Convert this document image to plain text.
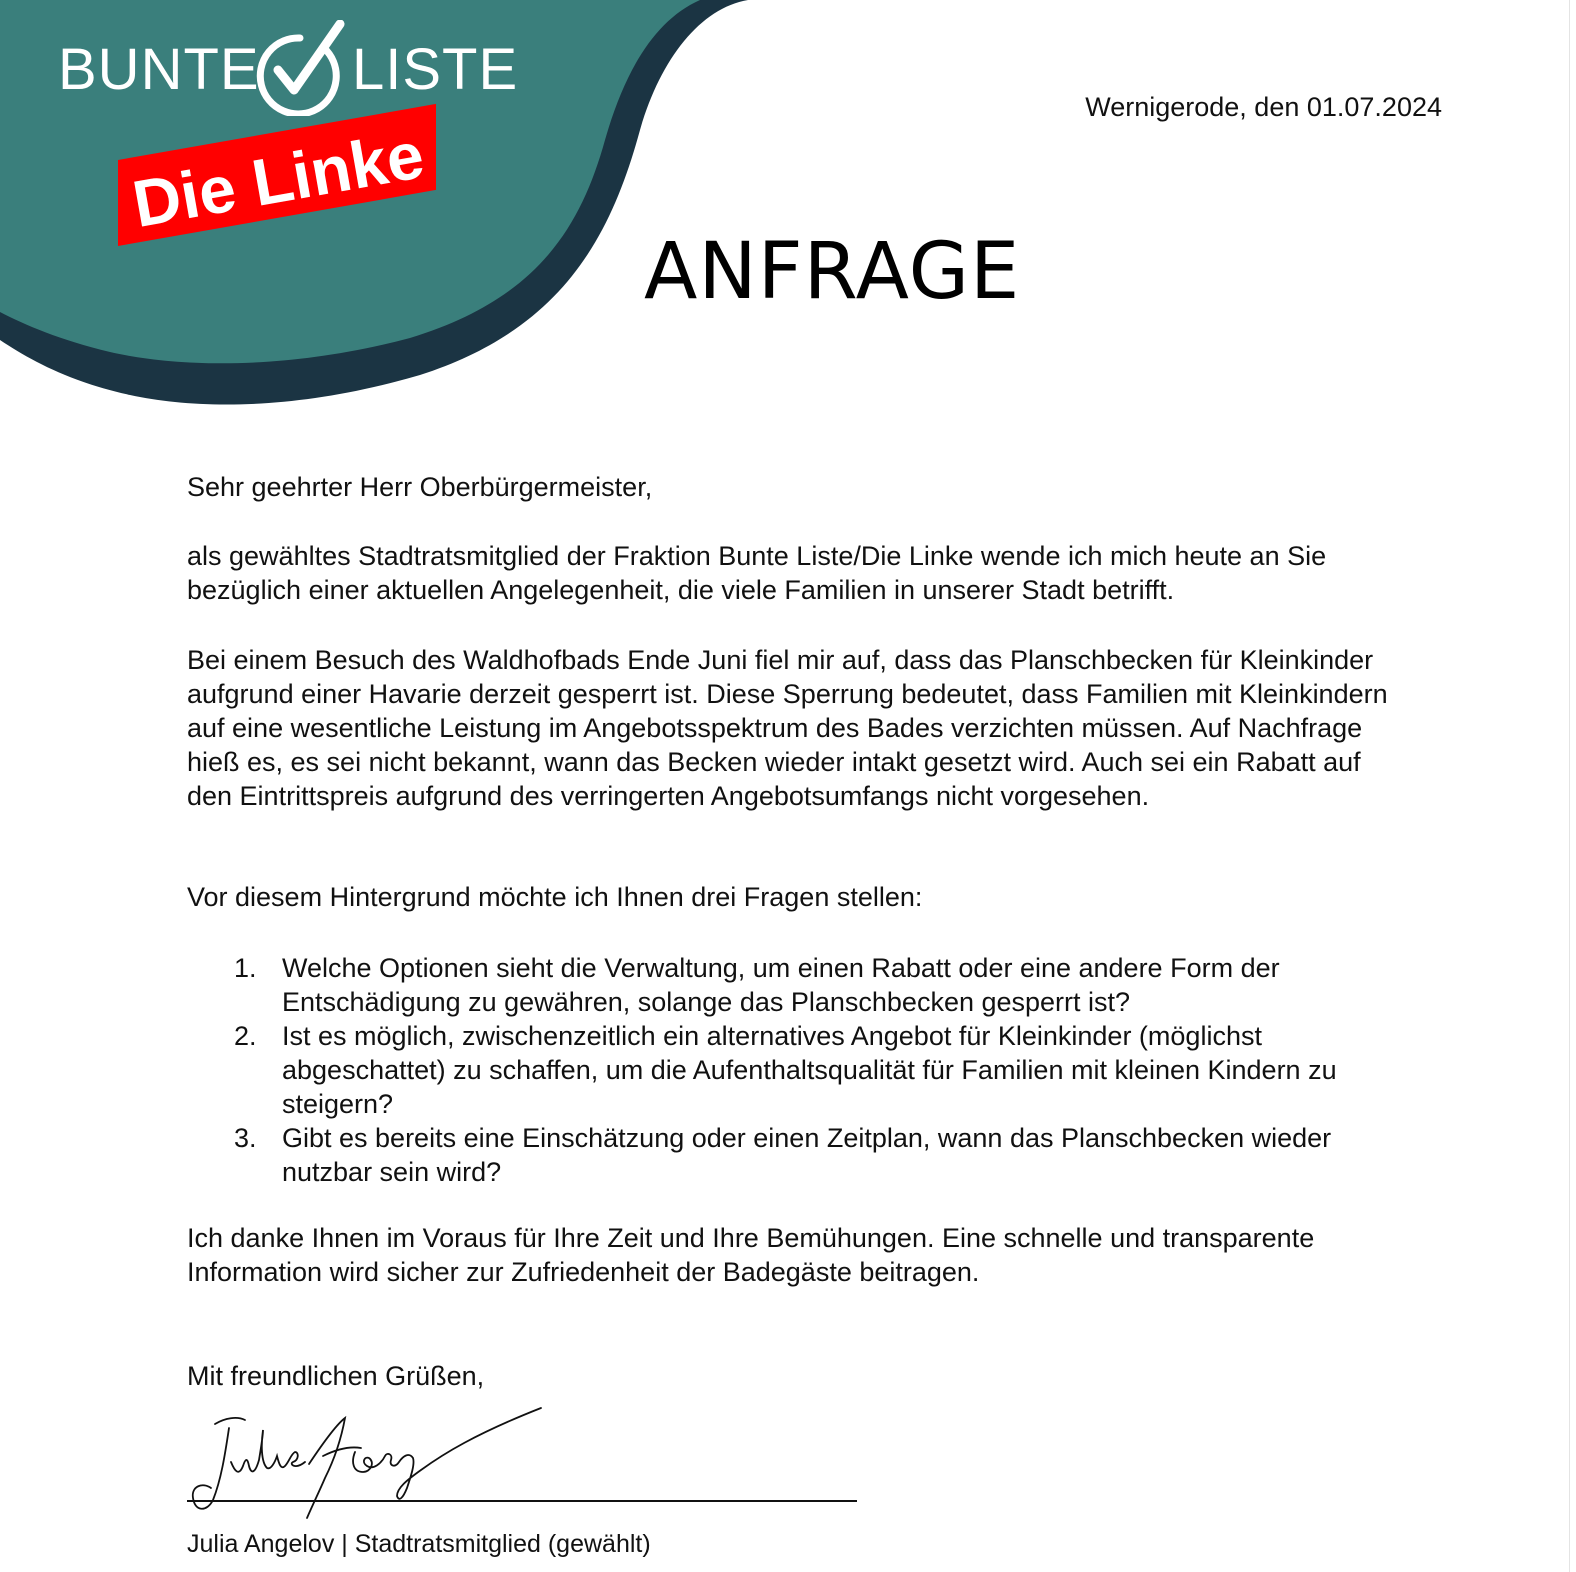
BUNTE LISTE
Die Linke
Wernigerode, den 01.07.2024
ANFRAGE

Sehr geehrter Herr Oberbürgermeister,

als gewähltes Stadtratsmitglied der Fraktion Bunte Liste/Die Linke wende ich mich heute an Sie bezüglich einer aktuellen Angelegenheit, die viele Familien in unserer Stadt betrifft.

Bei einem Besuch des Waldhofbads Ende Juni fiel mir auf, dass das Planschbecken für Kleinkinder aufgrund einer Havarie derzeit gesperrt ist. Diese Sperrung bedeutet, dass Familien mit Kleinkindern auf eine wesentliche Leistung im Angebotsspektrum des Bades verzichten müssen. Auf Nachfrage hieß es, es sei nicht bekannt, wann das Becken wieder intakt gesetzt wird. Auch sei ein Rabatt auf den Eintrittspreis aufgrund des verringerten Angebotsumfangs nicht vorgesehen.

Vor diesem Hintergrund möchte ich Ihnen drei Fragen stellen:

1. Welche Optionen sieht die Verwaltung, um einen Rabatt oder eine andere Form der Entschädigung zu gewähren, solange das Planschbecken gesperrt ist?
2. Ist es möglich, zwischenzeitlich ein alternatives Angebot für Kleinkinder (möglichst abgeschattet) zu schaffen, um die Aufenthaltsqualität für Familien mit kleinen Kindern zu steigern?
3. Gibt es bereits eine Einschätzung oder einen Zeitplan, wann das Planschbecken wieder nutzbar sein wird?

Ich danke Ihnen im Voraus für Ihre Zeit und Ihre Bemühungen. Eine schnelle und transparente Information wird sicher zur Zufriedenheit der Badegäste beitragen.

Mit freundlichen Grüßen,

Julia Angelov | Stadtratsmitglied (gewählt)
